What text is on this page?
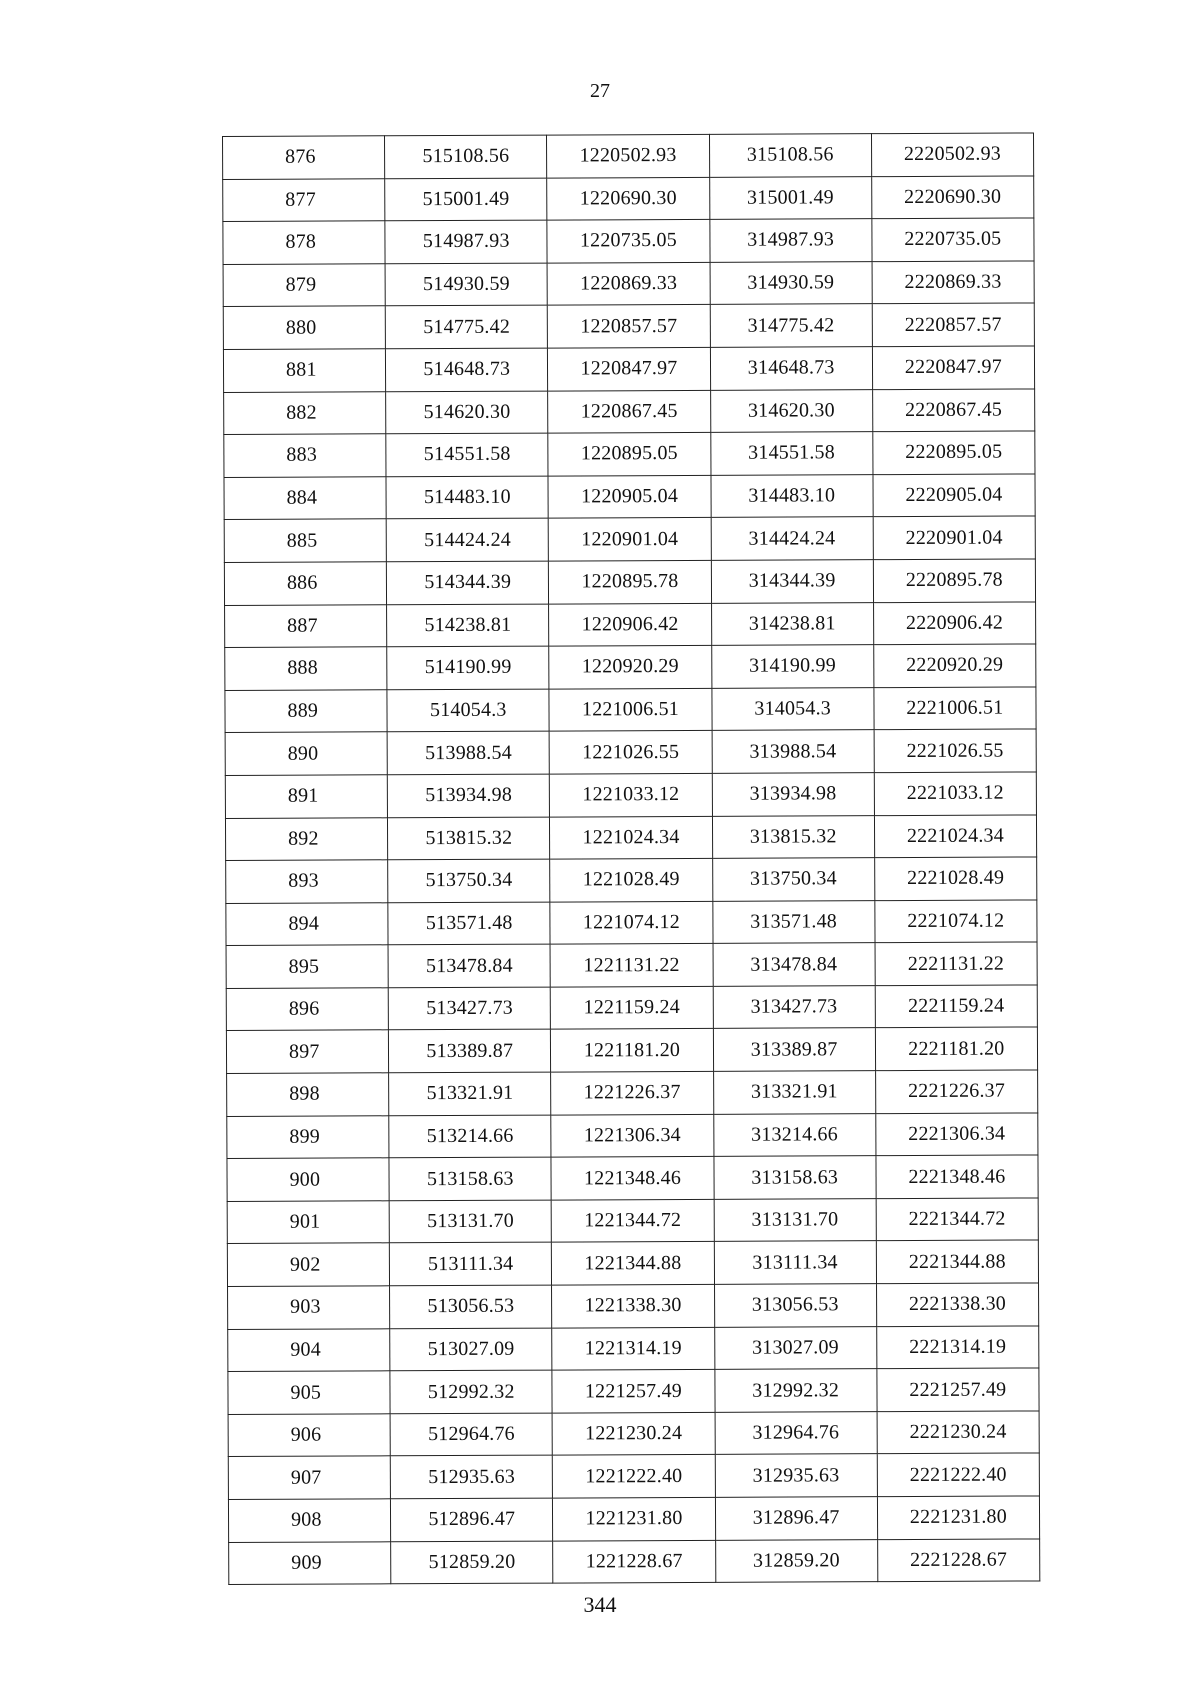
27
876	515108.56	1220502.93	315108.56	2220502.93
877	515001.49	1220690.30	315001.49	2220690.30
878	514987.93	1220735.05	314987.93	2220735.05
879	514930.59	1220869.33	314930.59	2220869.33
880	514775.42	1220857.57	314775.42	2220857.57
881	514648.73	1220847.97	314648.73	2220847.97
882	514620.30	1220867.45	314620.30	2220867.45
883	514551.58	1220895.05	314551.58	2220895.05
884	514483.10	1220905.04	314483.10	2220905.04
885	514424.24	1220901.04	314424.24	2220901.04
886	514344.39	1220895.78	314344.39	2220895.78
887	514238.81	1220906.42	314238.81	2220906.42
888	514190.99	1220920.29	314190.99	2220920.29
889	514054.3	1221006.51	314054.3	2221006.51
890	513988.54	1221026.55	313988.54	2221026.55
891	513934.98	1221033.12	313934.98	2221033.12
892	513815.32	1221024.34	313815.32	2221024.34
893	513750.34	1221028.49	313750.34	2221028.49
894	513571.48	1221074.12	313571.48	2221074.12
895	513478.84	1221131.22	313478.84	2221131.22
896	513427.73	1221159.24	313427.73	2221159.24
897	513389.87	1221181.20	313389.87	2221181.20
898	513321.91	1221226.37	313321.91	2221226.37
899	513214.66	1221306.34	313214.66	2221306.34
900	513158.63	1221348.46	313158.63	2221348.46
901	513131.70	1221344.72	313131.70	2221344.72
902	513111.34	1221344.88	313111.34	2221344.88
903	513056.53	1221338.30	313056.53	2221338.30
904	513027.09	1221314.19	313027.09	2221314.19
905	512992.32	1221257.49	312992.32	2221257.49
906	512964.76	1221230.24	312964.76	2221230.24
907	512935.63	1221222.40	312935.63	2221222.40
908	512896.47	1221231.80	312896.47	2221231.80
909	512859.20	1221228.67	312859.20	2221228.67
344
